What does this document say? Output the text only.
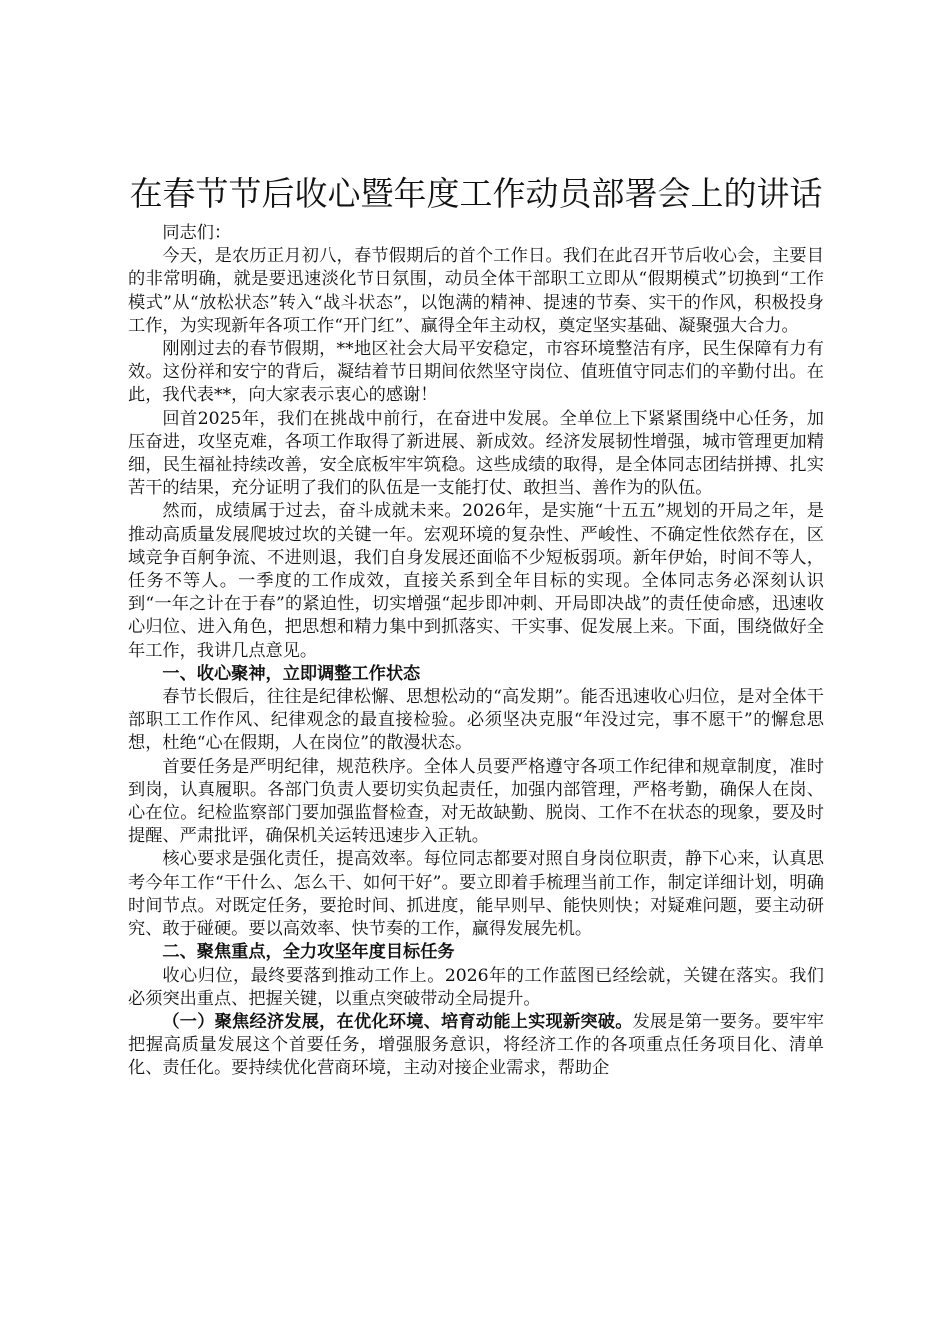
在春节节后收心暨年度工作动员部署会上的讲话

同志们：

今天，是农历正月初八，春节假期后的首个工作日。我们在此召开节后收心会，主要目的非常明确，就是要迅速淡化节日氛围，动员全体干部职工立即从“假期模式”切换到“工作模式”从“放松状态”转入“战斗状态”，以饱满的精神、提速的节奏、实干的作风，积极投身工作，为实现新年各项工作“开门红”、赢得全年主动权，奠定坚实基础、凝聚强大合力。

刚刚过去的春节假期，**地区社会大局平安稳定，市容环境整洁有序，民生保障有力有效。这份祥和安宁的背后，凝结着节日期间依然坚守岗位、值班值守同志们的辛勤付出。在此，我代表**，向大家表示衷心的感谢！

回首2025年，我们在挑战中前行，在奋进中发展。全单位上下紧紧围绕中心任务，加压奋进，攻坚克难，各项工作取得了新进展、新成效。经济发展韧性增强，城市管理更加精细，民生福祉持续改善，安全底板牢牢筑稳。这些成绩的取得，是全体同志团结拼搏、扎实苦干的结果，充分证明了我们的队伍是一支能打仗、敢担当、善作为的队伍。

然而，成绩属于过去，奋斗成就未来。2026年，是实施“十五五”规划的开局之年，是推动高质量发展爬坡过坎的关键一年。宏观环境的复杂性、严峻性、不确定性依然存在，区域竞争百舸争流、不进则退，我们自身发展还面临不少短板弱项。新年伊始，时间不等人，任务不等人。一季度的工作成效，直接关系到全年目标的实现。全体同志务必深刻认识到“一年之计在于春”的紧迫性，切实增强“起步即冲刺、开局即决战”的责任使命感，迅速收心归位、进入角色，把思想和精力集中到抓落实、干实事、促发展上来。下面，围绕做好全年工作，我讲几点意见。

一、收心聚神，立即调整工作状态

春节长假后，往往是纪律松懈、思想松动的“高发期”。能否迅速收心归位，是对全体干部职工工作作风、纪律观念的最直接检验。必须坚决克服“年没过完，事不愿干”的懈怠思想，杜绝“心在假期，人在岗位”的散漫状态。

首要任务是严明纪律，规范秩序。全体人员要严格遵守各项工作纪律和规章制度，准时到岗，认真履职。各部门负责人要切实负起责任，加强内部管理，严格考勤，确保人在岗、心在位。纪检监察部门要加强监督检查，对无故缺勤、脱岗、工作不在状态的现象，要及时提醒、严肃批评，确保机关运转迅速步入正轨。

核心要求是强化责任，提高效率。每位同志都要对照自身岗位职责，静下心来，认真思考今年工作“干什么、怎么干、如何干好”。要立即着手梳理当前工作，制定详细计划，明确时间节点。对既定任务，要抢时间、抓进度，能早则早、能快则快；对疑难问题，要主动研究、敢于碰硬。要以高效率、快节奏的工作，赢得发展先机。

二、聚焦重点，全力攻坚年度目标任务

收心归位，最终要落到推动工作上。2026年的工作蓝图已经绘就，关键在落实。我们必须突出重点、把握关键，以重点突破带动全局提升。

（一）聚焦经济发展，在优化环境、培育动能上实现新突破。发展是第一要务。要牢牢把握高质量发展这个首要任务，增强服务意识，将经济工作的各项重点任务项目化、清单化、责任化。要持续优化营商环境，主动对接企业需求，帮助企
